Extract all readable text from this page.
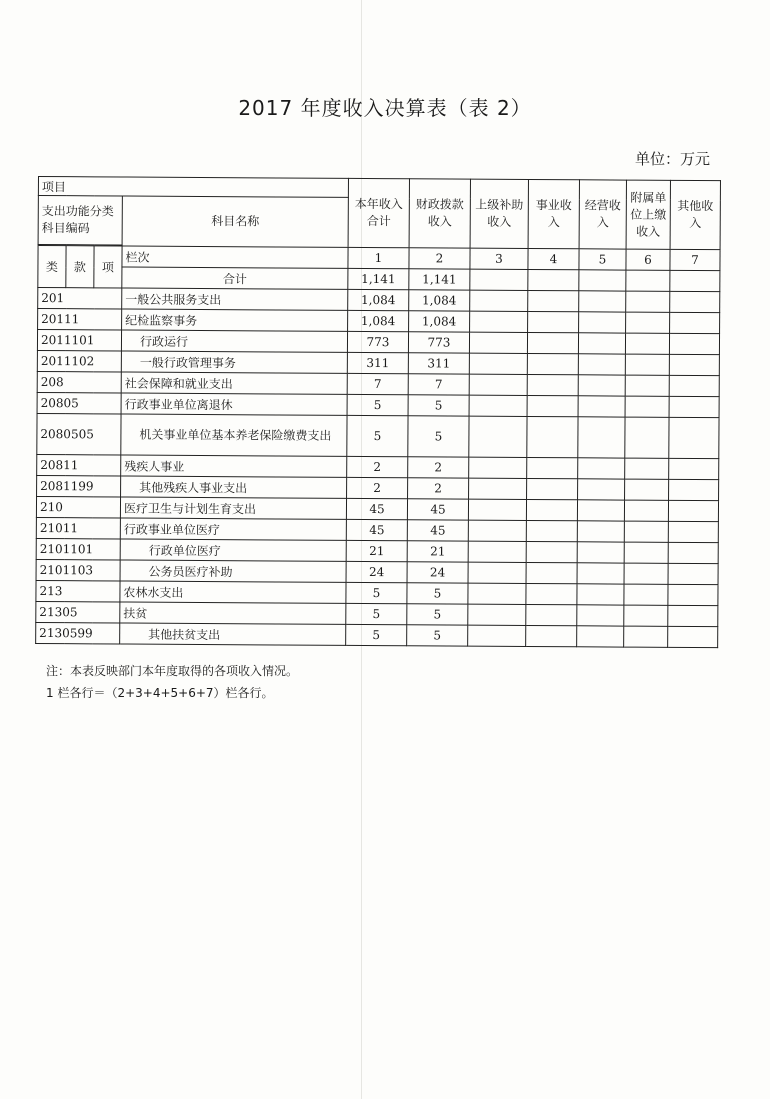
2017 年度收入决算表（表 2）
单位：万元
项目				本年收入合计	财政拨款收入	上级补助收入	事业收入	经营收入	附属单位上缴收入	其他收入
支出功能分类科目编码			科目名称							

类	款	项	栏次	1	2	3	4	5	6	7
			合计	1,141	1,141					
201			一般公共服务支出	1,084	1,084					
20111			纪检监察事务	1,084	1,084					
2011101			行政运行	773	773					
2011102			一般行政管理事务	311	311					
208			社会保障和就业支出	7	7					
20805			行政事业单位离退休	5	5					
2080505			机关事业单位基本养老保险缴费支出	5	5					
20811			残疾人事业	2	2					
2081199			其他残疾人事业支出	2	2					
210			医疗卫生与计划生育支出	45	45					
21011			行政事业单位医疗	45	45					
2101101			行政单位医疗	21	21					
2101103			公务员医疗补助	24	24					
213			农林水支出	5	5					
21305			扶贫	5	5					
2130599			其他扶贫支出	5	5					
注：本表反映部门本年度取得的各项收入情况。
1 栏各行＝（2+3+4+5+6+7）栏各行。
